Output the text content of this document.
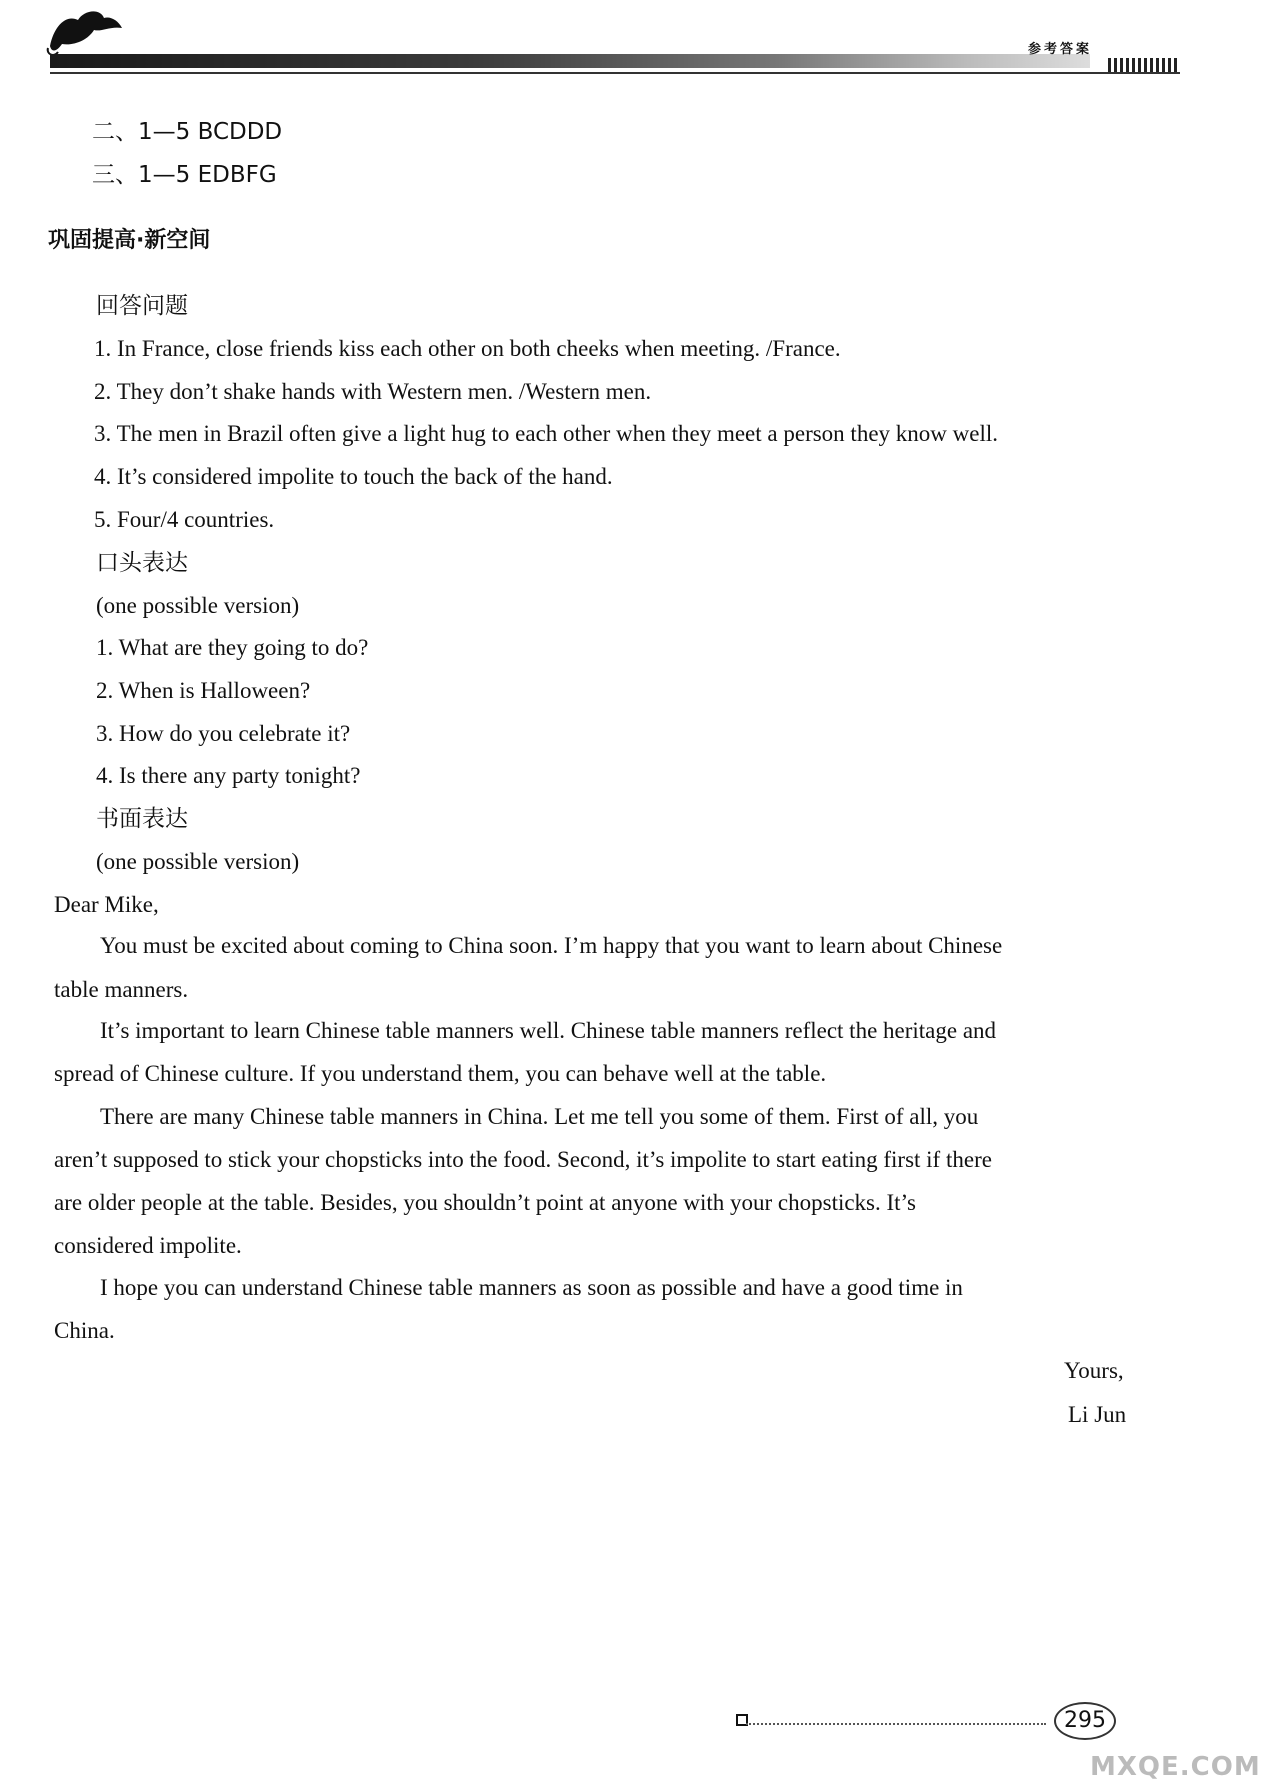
参考答案
二、1—5 BCDDD
三、1—5 EDBFG
巩固提高·新空间
回答问题
1. In France, close friends kiss each other on both cheeks when meeting. /France.
2. They don’t shake hands with Western men. /Western men.
3. The men in Brazil often give a light hug to each other when they meet a person they know well.
4. It’s considered impolite to touch the back of the hand.
5. Four/4 countries.
口头表达
(one possible version)
1. What are they going to do?
2. When is Halloween?
3. How do you celebrate it?
4. Is there any party tonight?
书面表达
(one possible version)
Dear Mike,
You must be excited about coming to China soon. I’m happy that you want to learn about Chinese
table manners.
It’s important to learn Chinese table manners well. Chinese table manners reflect the heritage and
spread of Chinese culture. If you understand them, you can behave well at the table.
There are many Chinese table manners in China. Let me tell you some of them. First of all, you
aren’t supposed to stick your chopsticks into the food. Second, it’s impolite to start eating first if there
are older people at the table. Besides, you shouldn’t point at anyone with your chopsticks. It’s
considered impolite.
I hope you can understand Chinese table manners as soon as possible and have a good time in
China.
Yours,
Li Jun
295
MXQE.COM
